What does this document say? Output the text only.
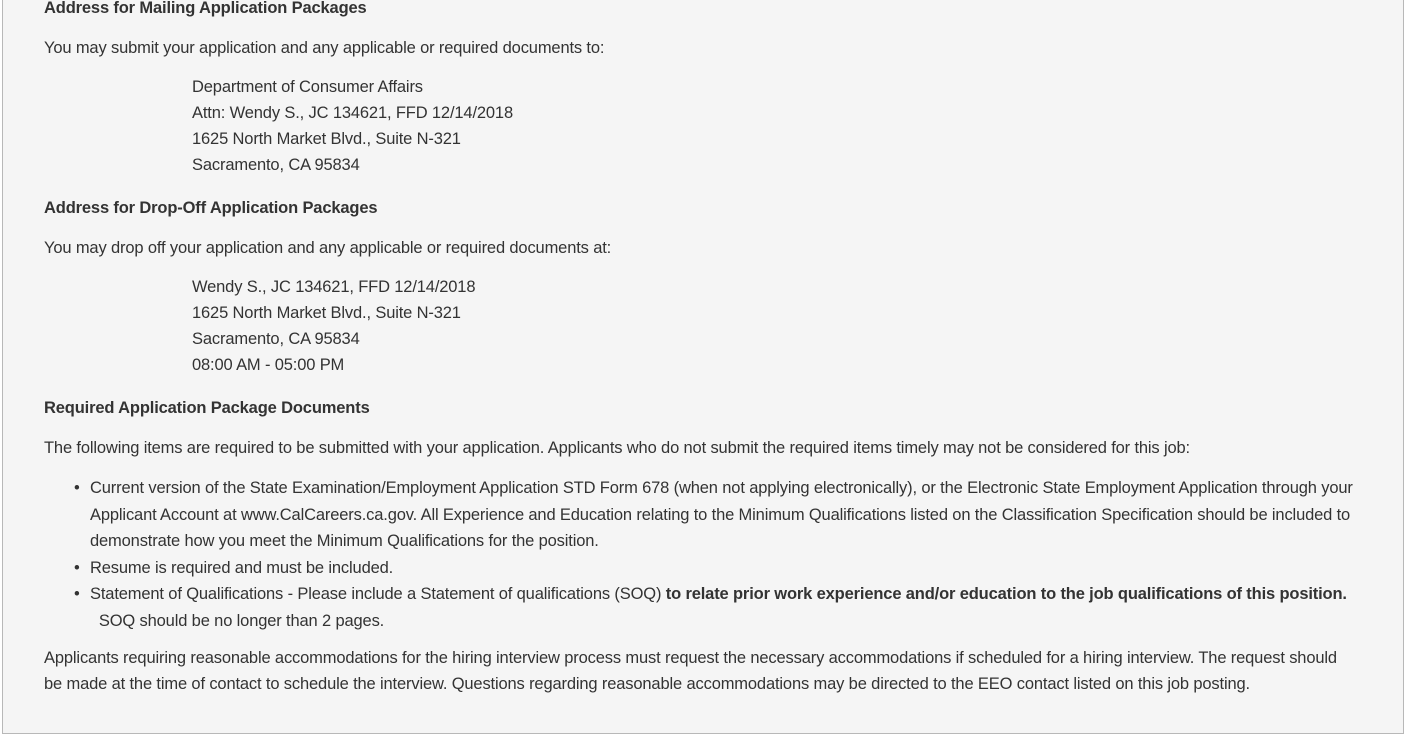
Address for Mailing Application Packages
You may submit your application and any applicable or required documents to:
Department of Consumer Affairs
Attn: Wendy S., JC 134621, FFD 12/14/2018
1625 North Market Blvd., Suite N-321
Sacramento, CA 95834
Address for Drop-Off Application Packages
You may drop off your application and any applicable or required documents at:
Wendy S., JC 134621, FFD 12/14/2018
1625 North Market Blvd., Suite N-321
Sacramento, CA 95834
08:00 AM - 05:00 PM
Required Application Package Documents
The following items are required to be submitted with your application. Applicants who do not submit the required items timely may not be considered for this job:
• Current version of the State Examination/Employment Application STD Form 678 (when not applying electronically), or the Electronic State Employment Application through your Applicant Account at www.CalCareers.ca.gov. All Experience and Education relating to the Minimum Qualifications listed on the Classification Specification should be included to demonstrate how you meet the Minimum Qualifications for the position.
• Resume is required and must be included.
• Statement of Qualifications - Please include a Statement of qualifications (SOQ) to relate prior work experience and/or education to the job qualifications of this position.  SOQ should be no longer than 2 pages.
Applicants requiring reasonable accommodations for the hiring interview process must request the necessary accommodations if scheduled for a hiring interview. The request should be made at the time of contact to schedule the interview. Questions regarding reasonable accommodations may be directed to the EEO contact listed on this job posting.
